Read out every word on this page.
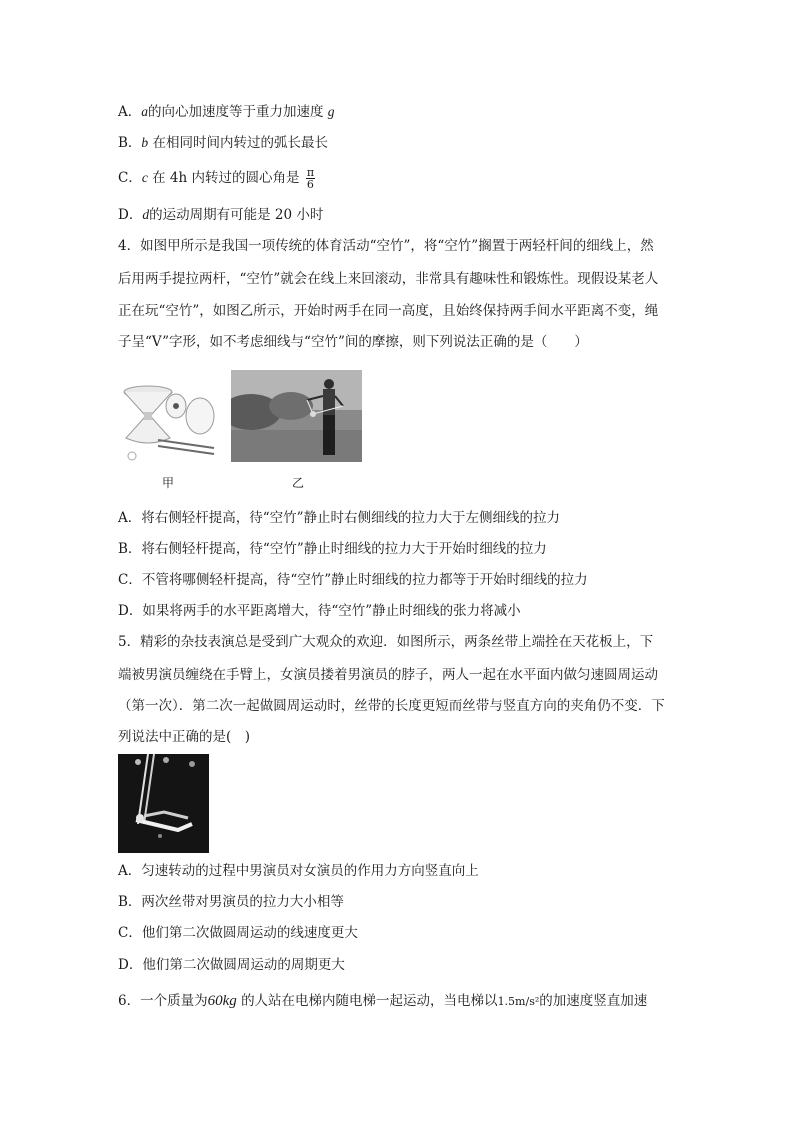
A．a的向心加速度等于重力加速度 g
B．b 在相同时间内转过的弧长最长
C．c 在 4h 内转过的圆心角是 $\frac{\pi}{6}$
D．d的运动周期有可能是 20 小时
4．如图甲所示是我国一项传统的体育活动“空竹”，将“空竹”搁置于两轻杆间的细线上，然
后用两手提拉两杆，“空竹”就会在线上来回滚动，非常具有趣味性和锻炼性。现假设某老人
正在玩“空竹”，如图乙所示，开始时两手在同一高度，且始终保持两手间水平距离不变，绳
子呈“V”字形，如不考虑细线与“空竹”间的摩擦，则下列说法正确的是（　　）
甲	乙
A．将右侧轻杆提高，待“空竹”静止时右侧细线的拉力大于左侧细线的拉力
B．将右侧轻杆提高，待“空竹”静止时细线的拉力大于开始时细线的拉力
C．不管将哪侧轻杆提高，待“空竹”静止时细线的拉力都等于开始时细线的拉力
D．如果将两手的水平距离增大，待“空竹”静止时细线的张力将减小
5．精彩的杂技表演总是受到广大观众的欢迎．如图所示，两条丝带上端拴在天花板上，下
端被男演员缠绕在手臂上，女演员搂着男演员的脖子，两人一起在水平面内做匀速圆周运动
（第一次）．第二次一起做圆周运动时，丝带的长度更短而丝带与竖直方向的夹角仍不变．下
列说法中正确的是(　)
A．匀速转动的过程中男演员对女演员的作用力方向竖直向上
B．两次丝带对男演员的拉力大小相等
C．他们第二次做圆周运动的线速度更大
D．他们第二次做圆周运动的周期更大
6．一个质量为60kg 的人站在电梯内随电梯一起运动，当电梯以1.5m/s²的加速度竖直加速
